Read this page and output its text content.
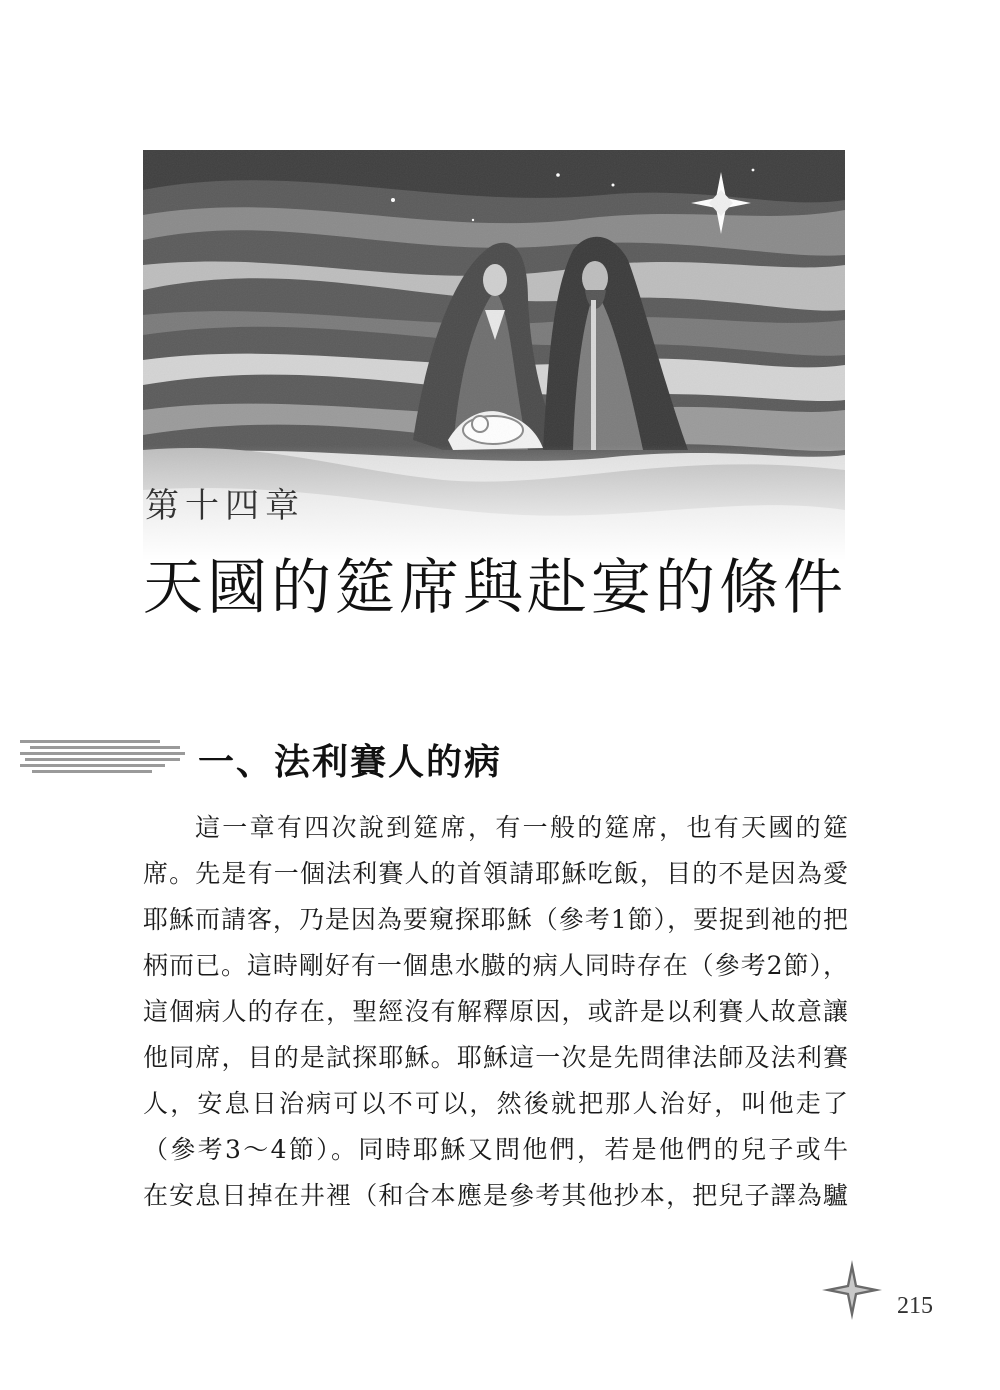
第十四章
天國的筵席與赴宴的條件
一、法利賽人的病
這一章有四次說到筵席，有一般的筵席，也有天國的筵
席。先是有一個法利賽人的首領請耶穌吃飯，目的不是因為愛
耶穌而請客，乃是因為要窺探耶穌（參考1節），要捉到祂的把
柄而已。這時剛好有一個患水臌的病人同時存在（參考2節），
這個病人的存在，聖經沒有解釋原因，或許是以利賽人故意讓
他同席，目的是試探耶穌。耶穌這一次是先問律法師及法利賽
人，安息日治病可以不可以，然後就把那人治好，叫他走了
（參考3～4節）。同時耶穌又問他們，若是他們的兒子或牛
在安息日掉在井裡（和合本應是參考其他抄本，把兒子譯為驢
215
